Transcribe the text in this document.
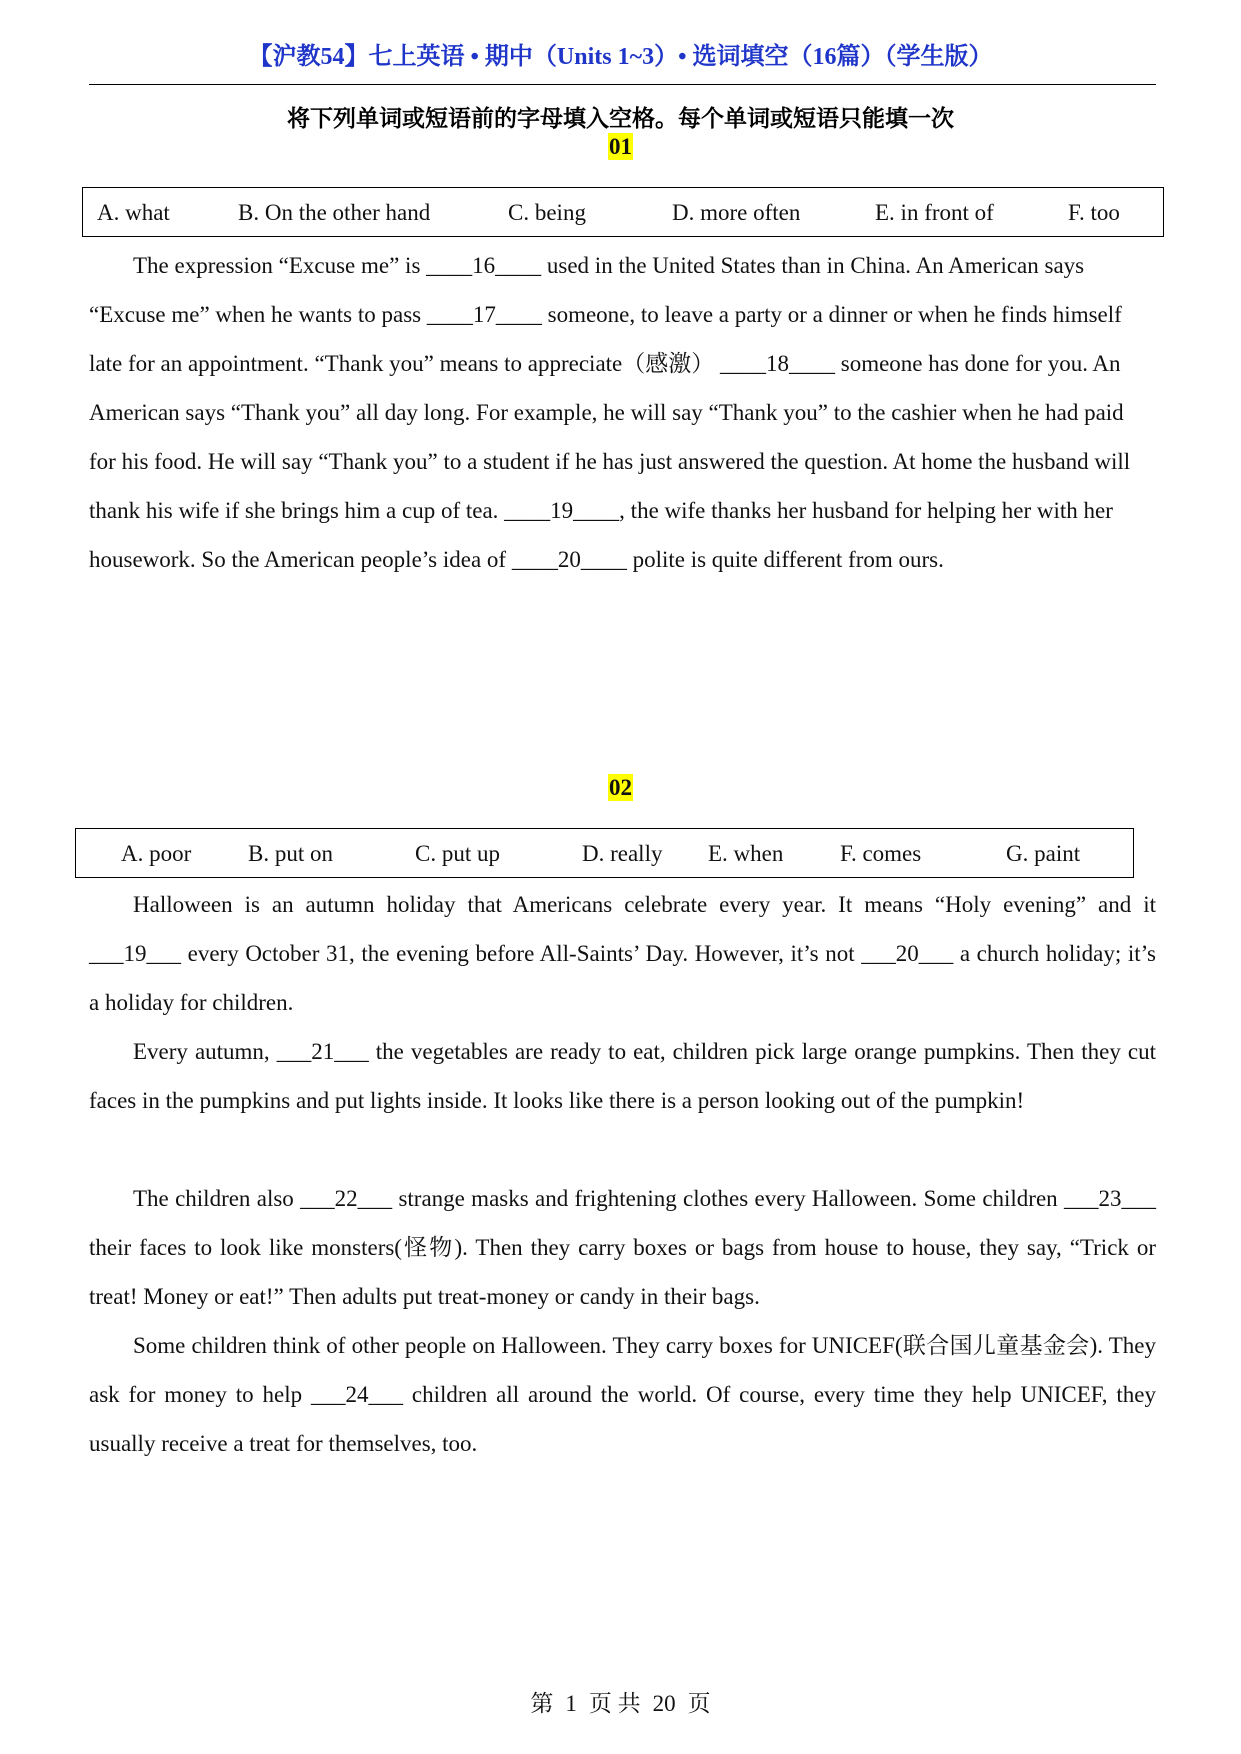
【沪教54】七上英语 • 期中（Units 1~3）• 选词填空（16篇）（学生版）
将下列单词或短语前的字母填入空格。每个单词或短语只能填一次
01
A. what	B. On the other hand	C. being	D. more often	E. in front of	F. too

The expression “Excuse me” is ____16____ used in the United States than in China. An American says “Excuse me” when he wants to pass ____17____ someone, to leave a party or a dinner or when he finds himself late for an appointment. “Thank you” means to appreciate（感激） ____18____ someone has done for you. An American says “Thank you” all day long. For example, he will say “Thank you” to the cashier when he had paid for his food. He will say “Thank you” to a student if he has just answered the question. At home the husband will thank his wife if she brings him a cup of tea. ____19____, the wife thanks her husband for helping her with her housework. So the American people’s idea of ____20____ polite is quite different from ours.

02
A. poor B. put on	C. put up	D. really E. when F. comes	G. paint

Halloween is an autumn holiday that Americans celebrate every year. It means “Holy evening” and it ___19___ every October 31, the evening before All-Saints’ Day. However, it’s not ___20___ a church holiday; it’s a holiday for children.

Every autumn, ___21___ the vegetables are ready to eat, children pick large orange pumpkins. Then they cut faces in the pumpkins and put lights inside. It looks like there is a person looking out of the pumpkin!

The children also ___22___ strange masks and frightening clothes every Halloween. Some children ___23___ their faces to look like monsters(怪物). Then they carry boxes or bags from house to house, they say, “Trick or treat! Money or eat!” Then adults put treat-money or candy in their bags.

Some children think of other people on Halloween. They carry boxes for UNICEF(联合国儿童基金会). They ask for money to help ___24___ children all around the world. Of course, every time they help UNICEF, they usually receive a treat for themselves, too.

第 1 页 共 20 页
